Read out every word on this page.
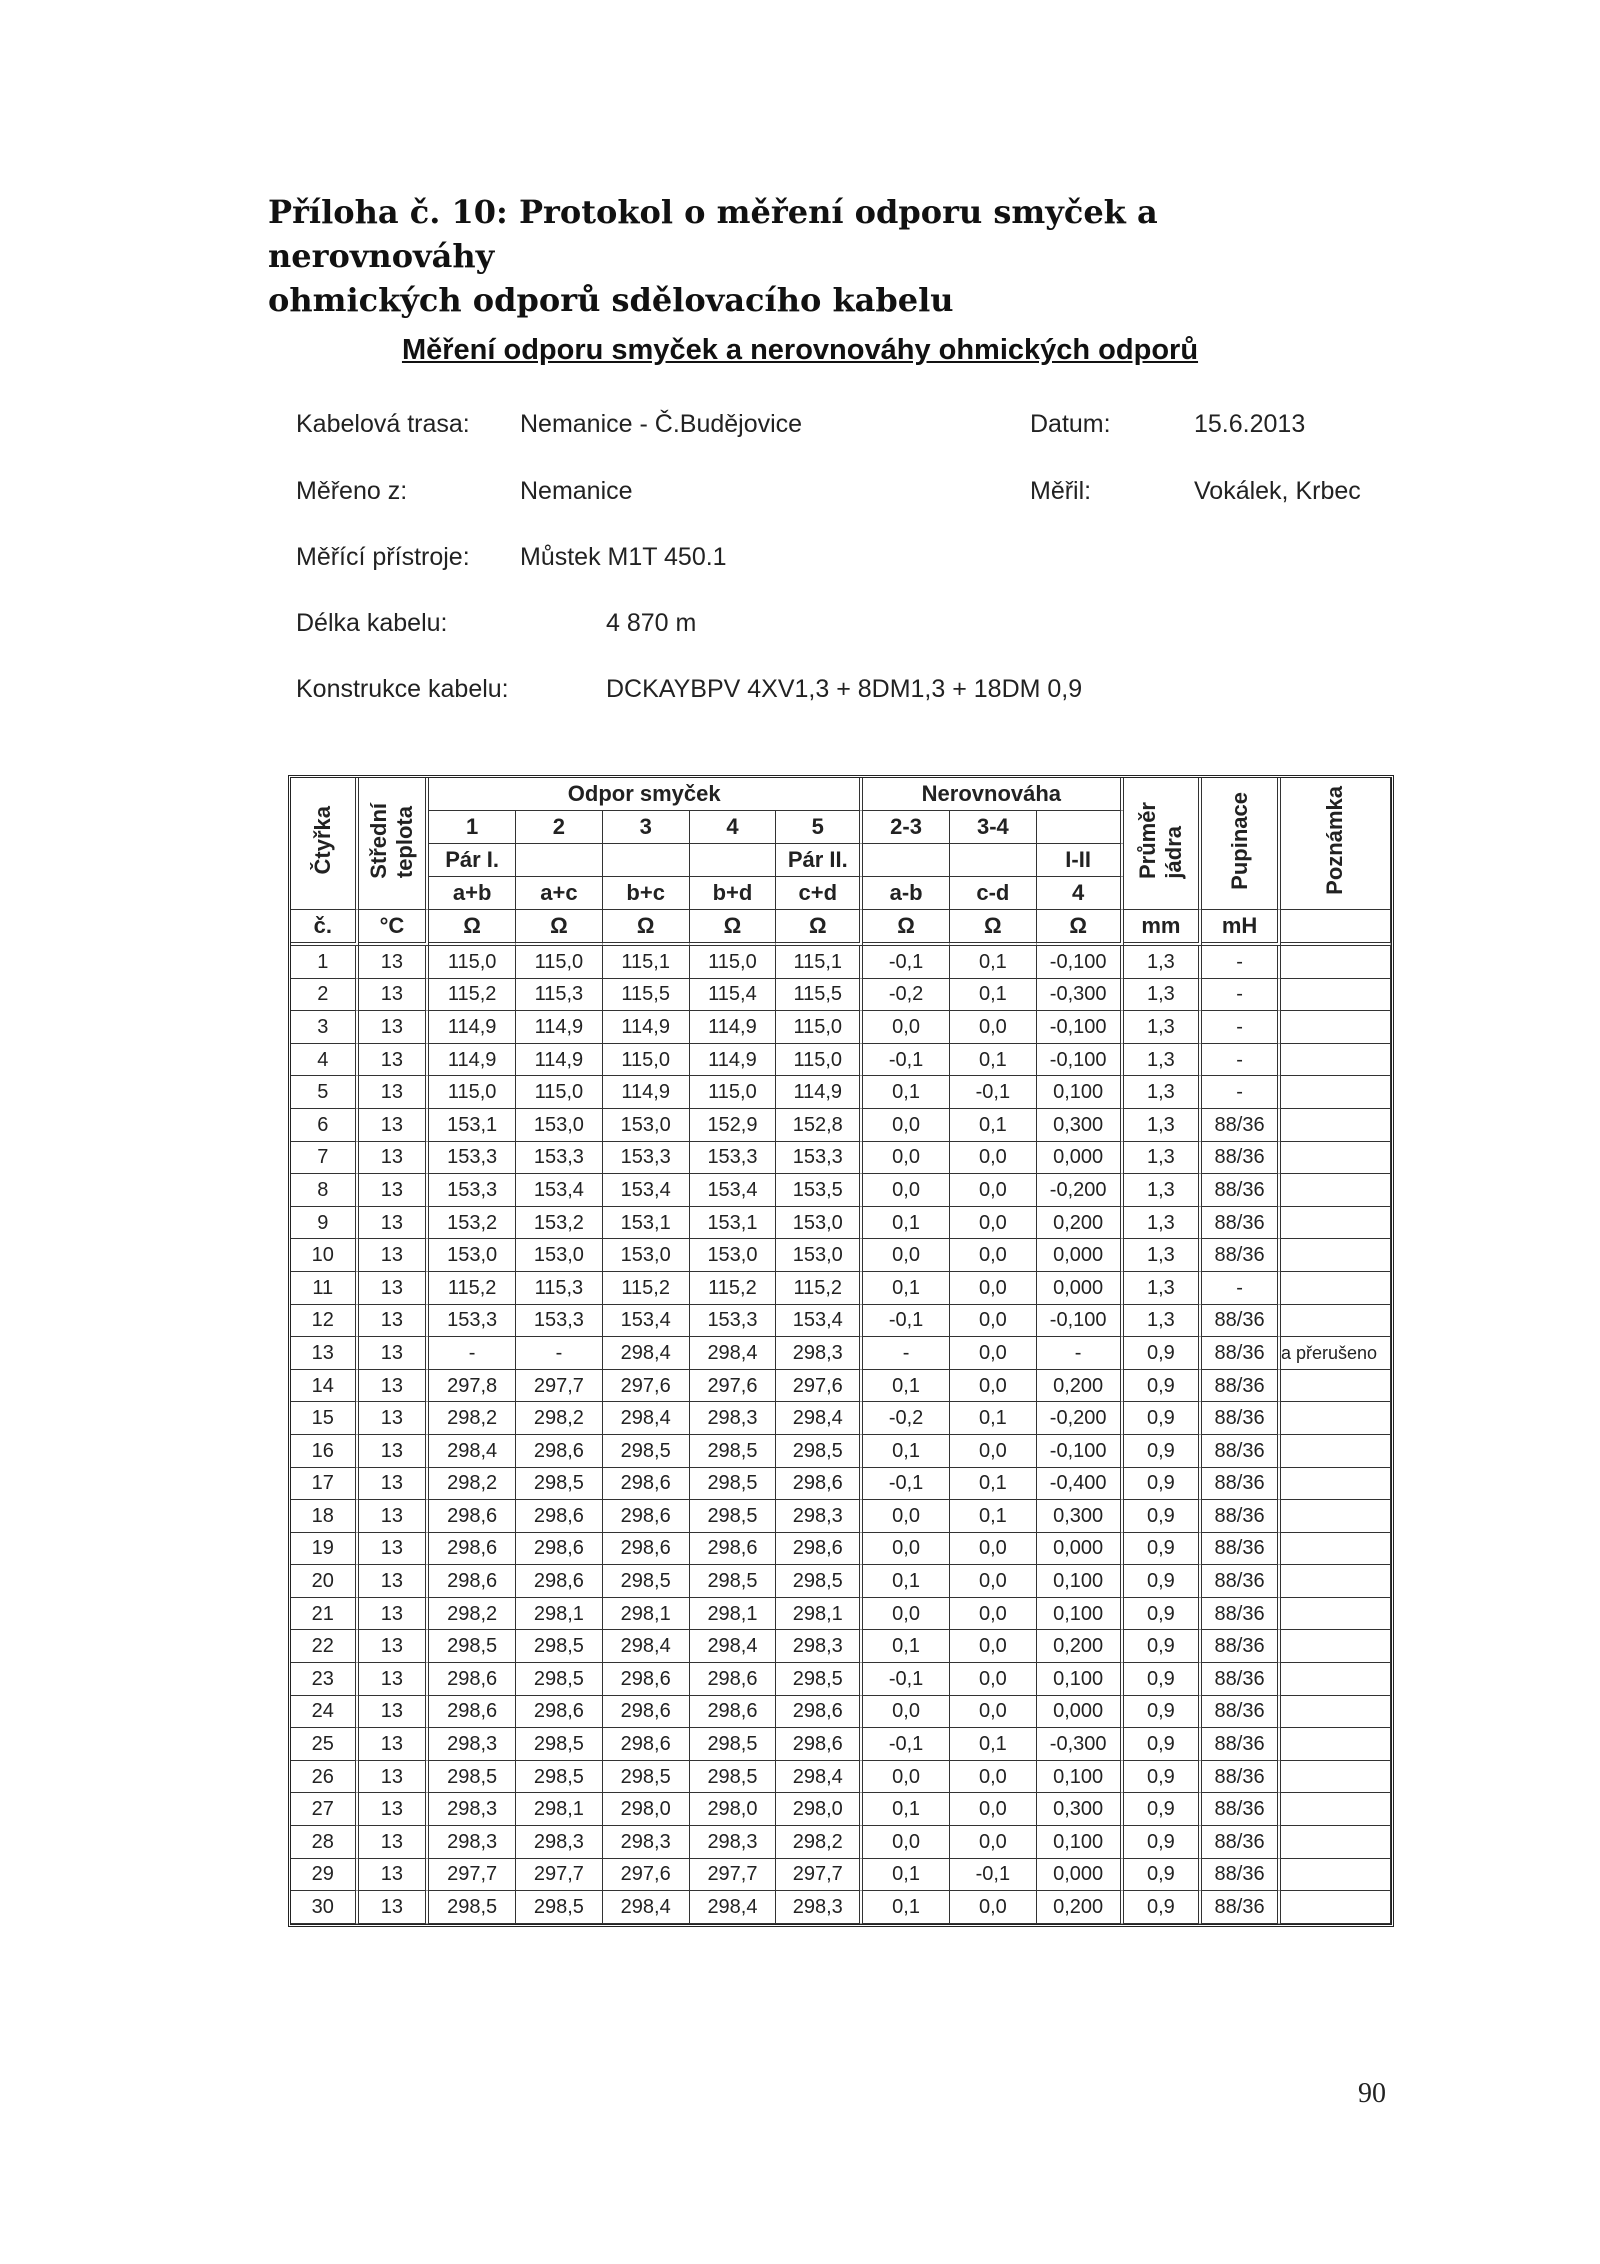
Příloha č. 10: Protokol o měření odporu smyček a nerovnováhy
ohmických odporů sdělovacího kabelu
Měření odporu smyček a nerovnováhy ohmických odporů
Kabelová trasa: Nemanice - Č.Budějovice	Datum:	15.6.2013
Měřeno z:	Nemanice	Měřil:	Vokálek, Krbec
Měřící přístroje: Můstek M1T 450.1
Délka kabelu:	4 870 m
Konstrukce kabelu:	DCKAYBPV 4XV1,3 + 8DM1,3 + 18DM 0,9
Čtyřka	Středníteplota	Odpor smyček					Nerovnováha			Průměrjádra	Pupinace	Poznámka
		1	2	3	4	5	2-3	3-4				
		Pár I.				Pár II.			I-II			
		a+b	a+c	b+c	b+d	c+d	a-b	c-d	4			
č.	°C	Ω	Ω	Ω	Ω	Ω	Ω	Ω	Ω	mm	mH	
1	13	115,0	115,0	115,1	115,0	115,1	-0,1	0,1	-0,100	1,3	-	
2	13	115,2	115,3	115,5	115,4	115,5	-0,2	0,1	-0,300	1,3	-	
3	13	114,9	114,9	114,9	114,9	115,0	0,0	0,0	-0,100	1,3	-	
4	13	114,9	114,9	115,0	114,9	115,0	-0,1	0,1	-0,100	1,3	-	
5	13	115,0	115,0	114,9	115,0	114,9	0,1	-0,1	0,100	1,3	-	
6	13	153,1	153,0	153,0	152,9	152,8	0,0	0,1	0,300	1,3	88/36	
7	13	153,3	153,3	153,3	153,3	153,3	0,0	0,0	0,000	1,3	88/36	
8	13	153,3	153,4	153,4	153,4	153,5	0,0	0,0	-0,200	1,3	88/36	
9	13	153,2	153,2	153,1	153,1	153,0	0,1	0,0	0,200	1,3	88/36	
10	13	153,0	153,0	153,0	153,0	153,0	0,0	0,0	0,000	1,3	88/36	
11	13	115,2	115,3	115,2	115,2	115,2	0,1	0,0	0,000	1,3	-	
12	13	153,3	153,3	153,4	153,3	153,4	-0,1	0,0	-0,100	1,3	88/36	
13	13	-	-	298,4	298,4	298,3	-	0,0	-	0,9	88/36	a přerušeno
14	13	297,8	297,7	297,6	297,6	297,6	0,1	0,0	0,200	0,9	88/36	
15	13	298,2	298,2	298,4	298,3	298,4	-0,2	0,1	-0,200	0,9	88/36	
16	13	298,4	298,6	298,5	298,5	298,5	0,1	0,0	-0,100	0,9	88/36	
17	13	298,2	298,5	298,6	298,5	298,6	-0,1	0,1	-0,400	0,9	88/36	
18	13	298,6	298,6	298,6	298,5	298,3	0,0	0,1	0,300	0,9	88/36	
19	13	298,6	298,6	298,6	298,6	298,6	0,0	0,0	0,000	0,9	88/36	
20	13	298,6	298,6	298,5	298,5	298,5	0,1	0,0	0,100	0,9	88/36	
21	13	298,2	298,1	298,1	298,1	298,1	0,0	0,0	0,100	0,9	88/36	
22	13	298,5	298,5	298,4	298,4	298,3	0,1	0,0	0,200	0,9	88/36	
23	13	298,6	298,5	298,6	298,6	298,5	-0,1	0,0	0,100	0,9	88/36	
24	13	298,6	298,6	298,6	298,6	298,6	0,0	0,0	0,000	0,9	88/36	
25	13	298,3	298,5	298,6	298,5	298,6	-0,1	0,1	-0,300	0,9	88/36	
26	13	298,5	298,5	298,5	298,5	298,4	0,0	0,0	0,100	0,9	88/36	
27	13	298,3	298,1	298,0	298,0	298,0	0,1	0,0	0,300	0,9	88/36	
28	13	298,3	298,3	298,3	298,3	298,2	0,0	0,0	0,100	0,9	88/36	
29	13	297,7	297,7	297,6	297,7	297,7	0,1	-0,1	0,000	0,9	88/36	
30	13	298,5	298,5	298,4	298,4	298,3	0,1	0,0	0,200	0,9	88/36	
90
